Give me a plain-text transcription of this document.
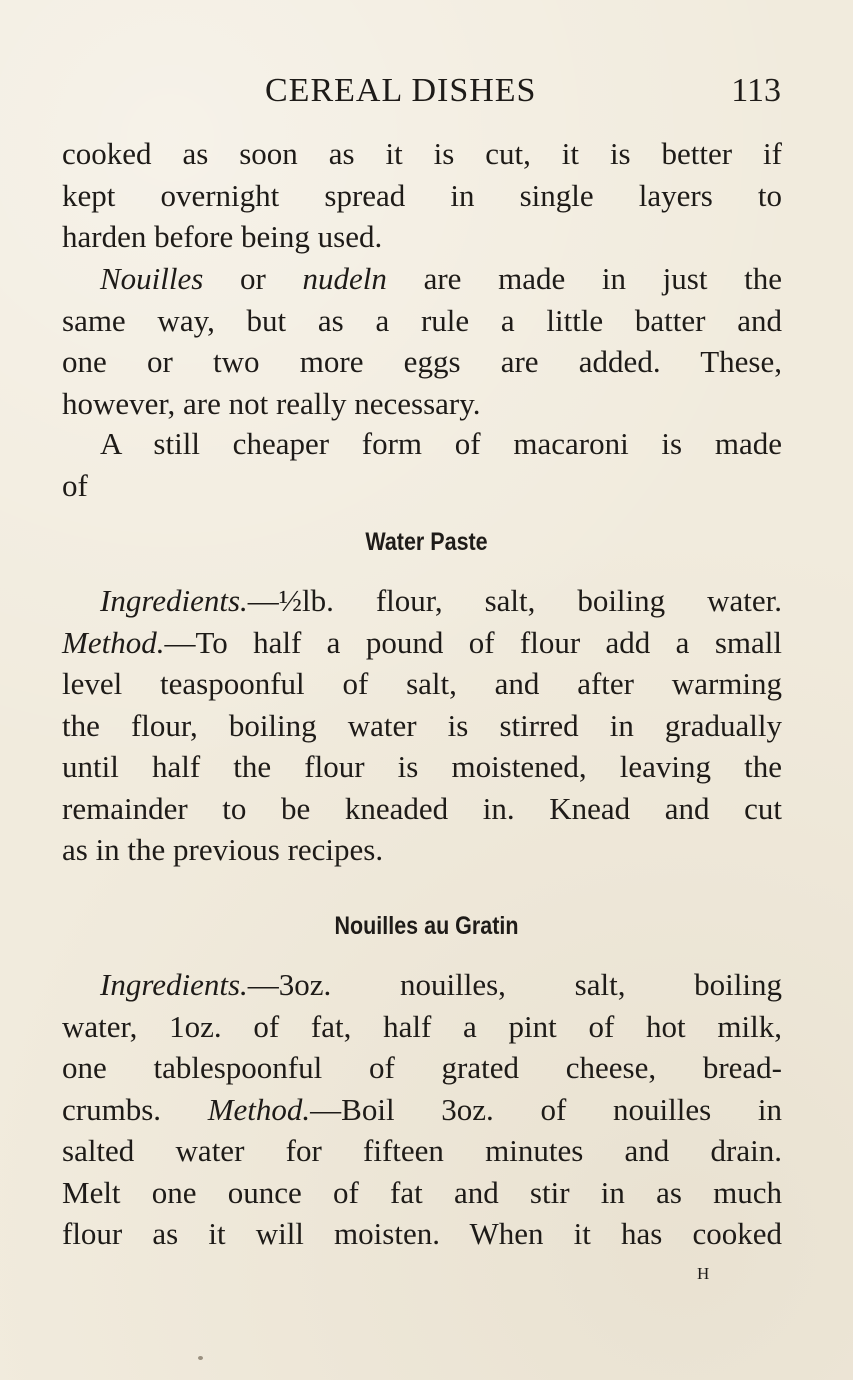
CEREAL DISHES	113
cooked as soon as it is cut, it is better if
kept overnight spread in single layers to
harden before being used.
Nouilles or nudeln are made in just the
same way, but as a rule a little batter and
one or two more eggs are added. These,
however, are not really necessary.
A still cheaper form of macaroni is made
of
Water Paste
Ingredients.—½lb. flour, salt, boiling water.
Method.—To half a pound of flour add a small
level teaspoonful of salt, and after warming
the flour, boiling water is stirred in gradually
until half the flour is moistened, leaving the
remainder to be kneaded in. Knead and cut
as in the previous recipes.
Nouilles au Gratin
Ingredients.—3oz. nouilles, salt, boiling
water, 1oz. of fat, half a pint of hot milk,
one tablespoonful of grated cheese, bread-
crumbs. Method.—Boil 3oz. of nouilles in
salted water for fifteen minutes and drain.
Melt one ounce of fat and stir in as much
flour as it will moisten. When it has cooked
H
